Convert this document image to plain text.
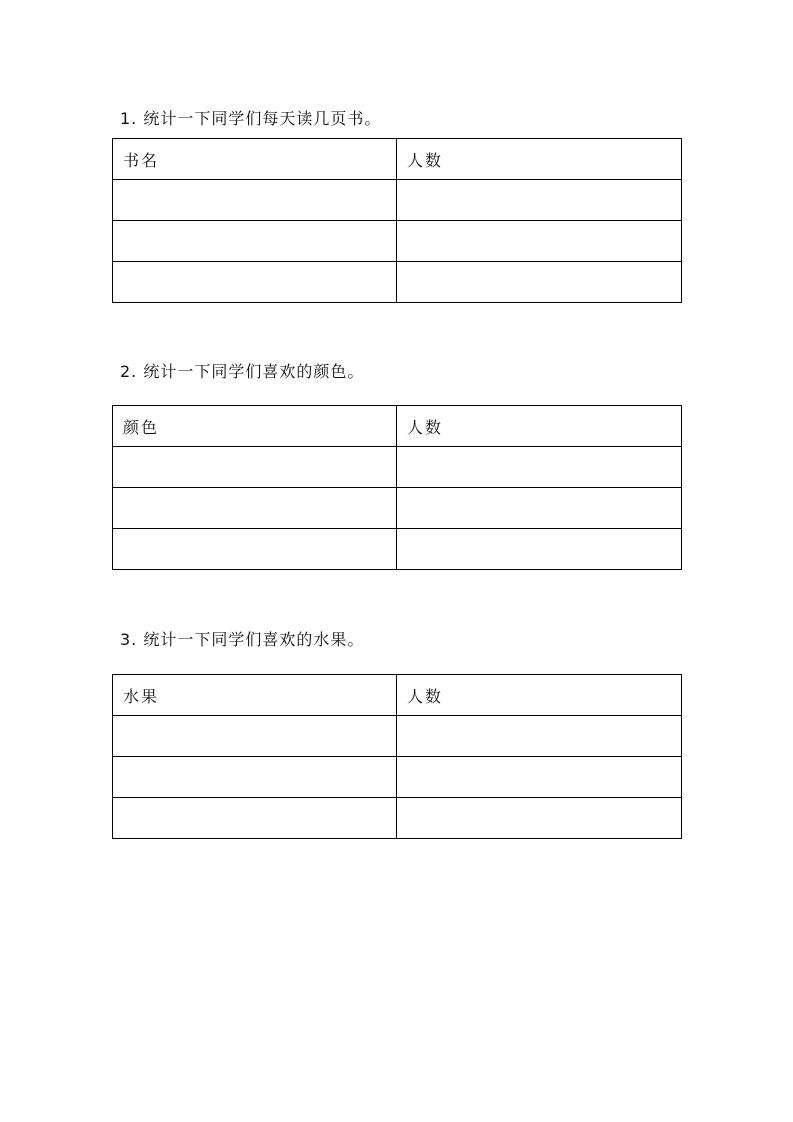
1. 统计一下同学们每天读几页书。
书名	人数

2. 统计一下同学们喜欢的颜色。
颜色	人数

3. 统计一下同学们喜欢的水果。
水果	人数
